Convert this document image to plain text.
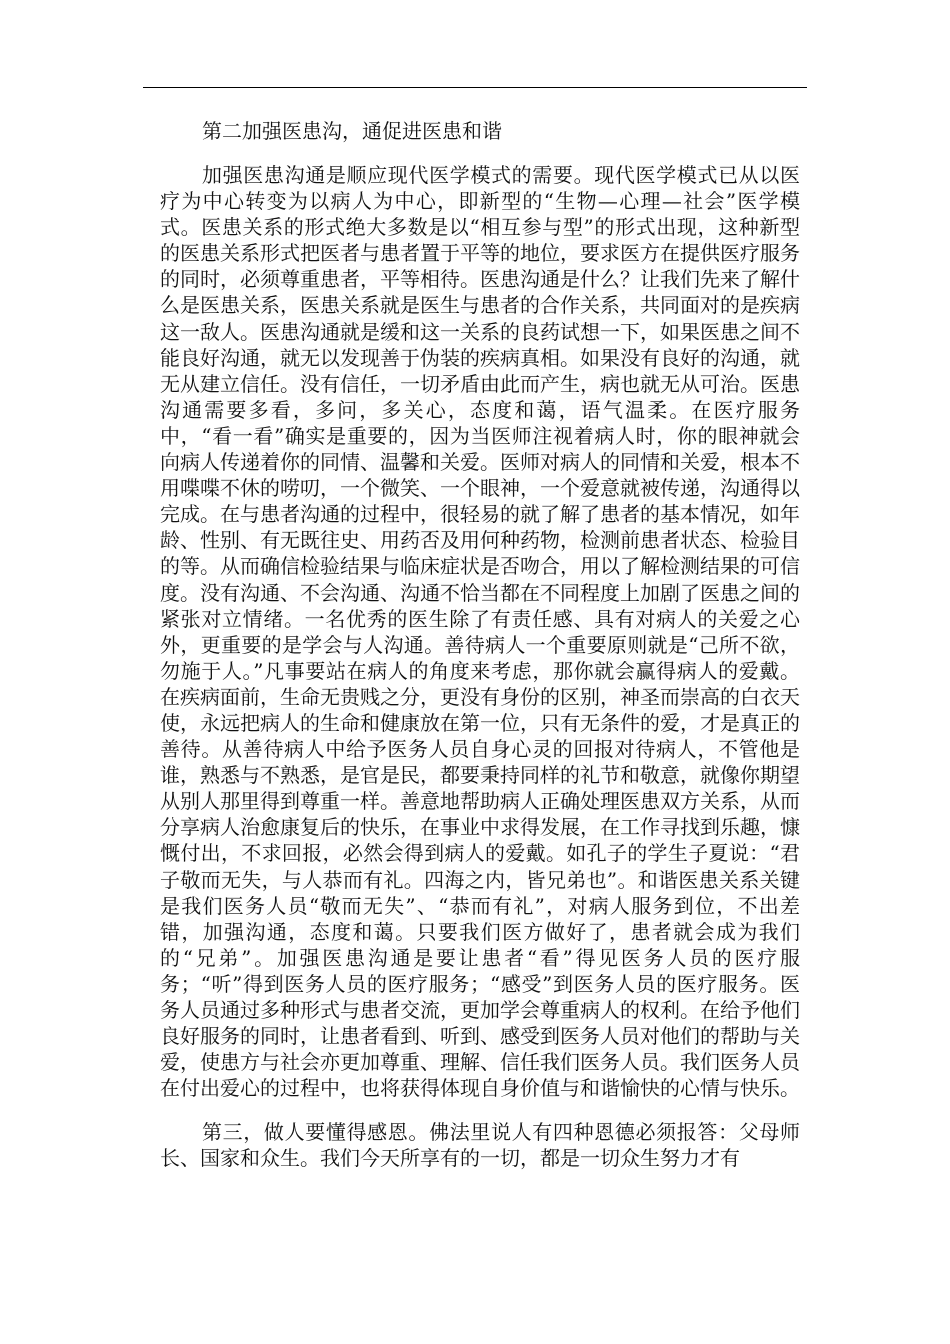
第二加强医患沟，通促进医患和谐

加强医患沟通是顺应现代医学模式的需要。现代医学模式已从以医疗为中心转变为以病人为中心，即新型的“生物—心理—社会”医学模式。医患关系的形式绝大多数是以“相互参与型”的形式出现，这种新型的医患关系形式把医者与患者置于平等的地位，要求医方在提供医疗服务的同时，必须尊重患者，平等相待。医患沟通是什么？让我们先来了解什么是医患关系，医患关系就是医生与患者的合作关系，共同面对的是疾病这一敌人。医患沟通就是缓和这一关系的良药试想一下，如果医患之间不能良好沟通，就无以发现善于伪装的疾病真相。如果没有良好的沟通，就无从建立信任。没有信任，一切矛盾由此而产生，病也就无从可治。医患沟通需要多看，多问，多关心，态度和蔼，语气温柔。在医疗服务中，“看一看”确实是重要的，因为当医师注视着病人时，你的眼神就会向病人传递着你的同情、温馨和关爱。医师对病人的同情和关爱，根本不用喋喋不休的唠叨，一个微笑、一个眼神，一个爱意就被传递，沟通得以完成。在与患者沟通的过程中，很轻易的就了解了患者的基本情况，如年龄、性别、有无既往史、用药否及用何种药物，检测前患者状态、检验目的等。从而确信检验结果与临床症状是否吻合，用以了解检测结果的可信度。没有沟通、不会沟通、沟通不恰当都在不同程度上加剧了医患之间的紧张对立情绪。一名优秀的医生除了有责任感、具有对病人的关爱之心外，更重要的是学会与人沟通。善待病人一个重要原则就是“己所不欲，勿施于人。”凡事要站在病人的角度来考虑，那你就会赢得病人的爱戴。在疾病面前，生命无贵贱之分，更没有身份的区别，神圣而崇高的白衣天使，永远把病人的生命和健康放在第一位，只有无条件的爱，才是真正的善待。从善待病人中给予医务人员自身心灵的回报对待病人，不管他是谁，熟悉与不熟悉，是官是民，都要秉持同样的礼节和敬意，就像你期望从别人那里得到尊重一样。善意地帮助病人正确处理医患双方关系，从而分享病人治愈康复后的快乐，在事业中求得发展，在工作寻找到乐趣，慷慨付出，不求回报，必然会得到病人的爱戴。如孔子的学生子夏说：“君子敬而无失，与人恭而有礼。四海之内，皆兄弟也”。和谐医患关系关键是我们医务人员“敬而无失”、“恭而有礼”，对病人服务到位，不出差错，加强沟通，态度和蔼。只要我们医方做好了，患者就会成为我们的“兄弟”。加强医患沟通是要让患者“看”得见医务人员的医疗服务；“听”得到医务人员的医疗服务；“感受”到医务人员的医疗服务。医务人员通过多种形式与患者交流，更加学会尊重病人的权利。在给予他们良好服务的同时，让患者看到、听到、感受到医务人员对他们的帮助与关爱，使患方与社会亦更加尊重、理解、信任我们医务人员。我们医务人员在付出爱心的过程中，也将获得体现自身价值与和谐愉快的心情与快乐。

第三，做人要懂得感恩。佛法里说人有四种恩德必须报答：父母师长、国家和众生。我们今天所享有的一切，都是一切众生努力才有
